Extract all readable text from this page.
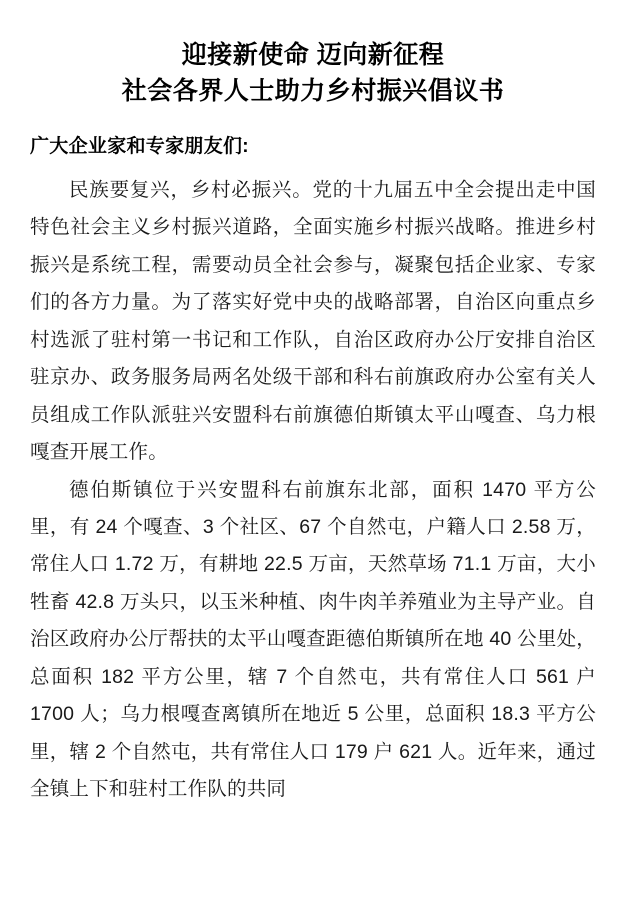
迎接新使命 迈向新征程
社会各界人士助力乡村振兴倡议书

广大企业家和专家朋友们:

民族要复兴，乡村必振兴。党的十九届五中全会提出走中国特色社会主义乡村振兴道路，全面实施乡村振兴战略。推进乡村振兴是系统工程，需要动员全社会参与，凝聚包括企业家、专家们的各方力量。为了落实好党中央的战略部署，自治区向重点乡村选派了驻村第一书记和工作队，自治区政府办公厅安排自治区驻京办、政务服务局两名处级干部和科右前旗政府办公室有关人员组成工作队派驻兴安盟科右前旗德伯斯镇太平山嘎查、乌力根嘎查开展工作。

德伯斯镇位于兴安盟科右前旗东北部，面积 1470 平方公里，有 24 个嘎查、3 个社区、67 个自然屯，户籍人口 2.58 万，常住人口 1.72 万，有耕地 22.5 万亩，天然草场 71.1 万亩，大小牲畜 42.8 万头只，以玉米种植、肉牛肉羊养殖业为主导产业。自治区政府办公厅帮扶的太平山嘎查距德伯斯镇所在地 40 公里处，总面积 182 平方公里，辖 7 个自然屯，共有常住人口 561 户 1700 人；乌力根嘎查离镇所在地近 5 公里，总面积 18.3 平方公里，辖 2 个自然屯，共有常住人口 179 户 621 人。近年来，通过全镇上下和驻村工作队的共同
